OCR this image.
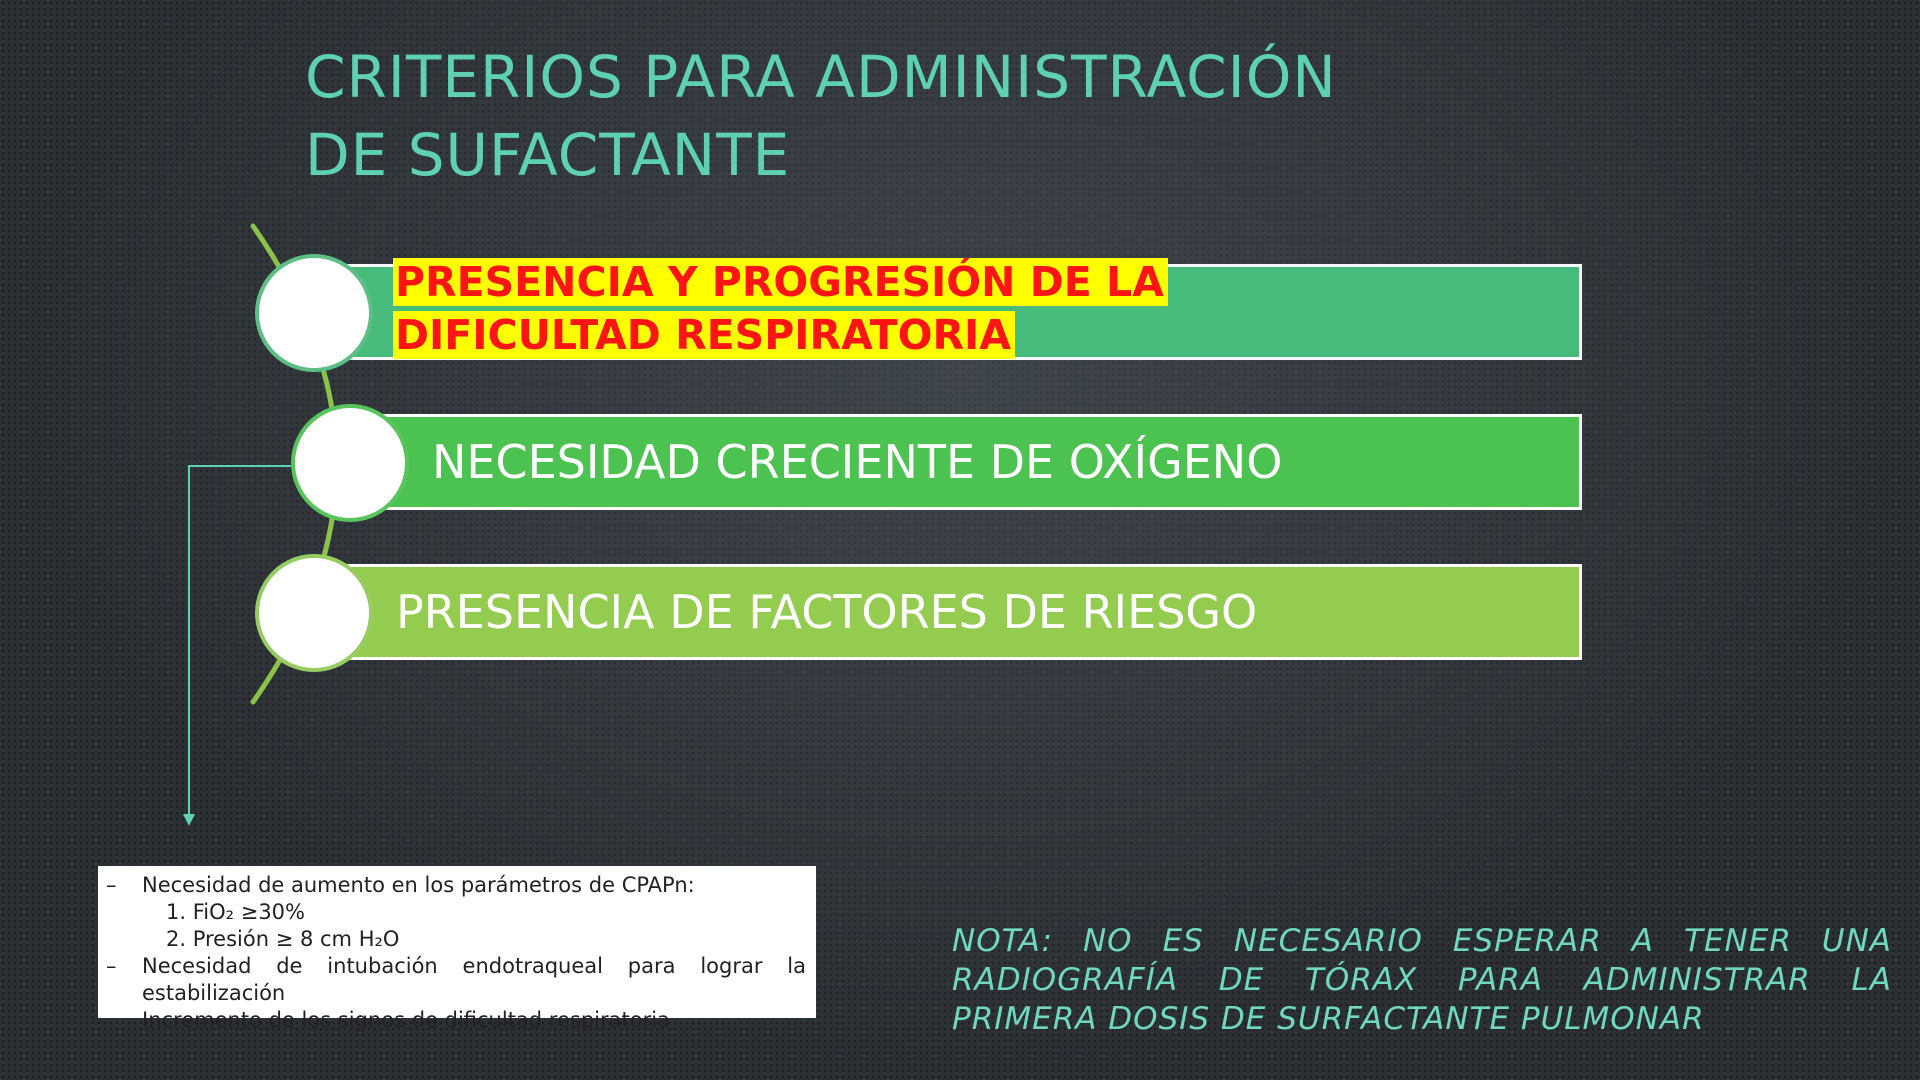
CRITERIOS PARA ADMINISTRACIÓN
DE SUFACTANTE
PRESENCIA Y PROGRESIÓN DE LA DIFICULTAD RESPIRATORIA
NECESIDAD CRECIENTE DE OXÍGENO
PRESENCIA DE FACTORES DE RIESGO
–	Necesidad de aumento en los parámetros de CPAPn:
1. FiO₂ ≥30%
2. Presión ≥ 8 cm H₂O
–	Necesidad de intubación endotraqueal para lograr la estabilización
Incremento de los signos de dificultad respiratoria
NOTA: NO ES NECESARIO ESPERAR A TENER UNA RADIOGRAFÍA DE TÓRAX PARA ADMINISTRAR LA PRIMERA DOSIS DE SURFACTANTE PULMONAR
